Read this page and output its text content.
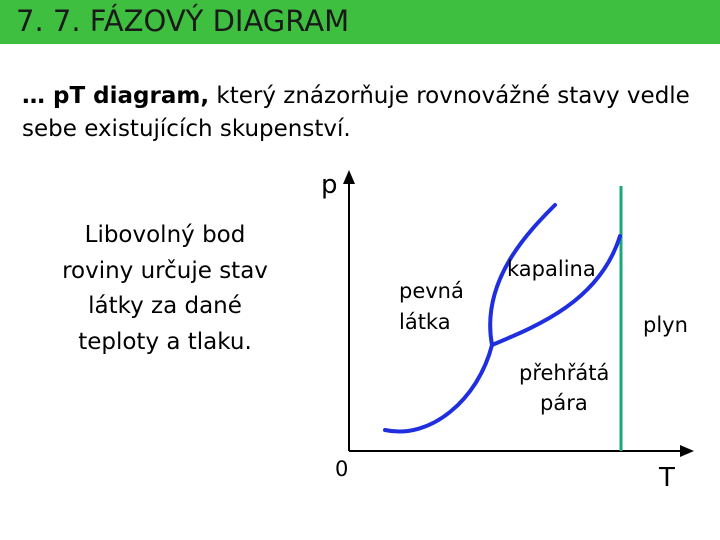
7. 7. FÁZOVÝ DIAGRAM
… pT diagram, který znázorňuje rovnovážné stavy vedle sebe existujících skupenství.
Libovolný bod roviny určuje stav látky za dané teploty a tlaku.
p
T
0
pevná
látka
kapalina
plyn
přehřátá
pára
